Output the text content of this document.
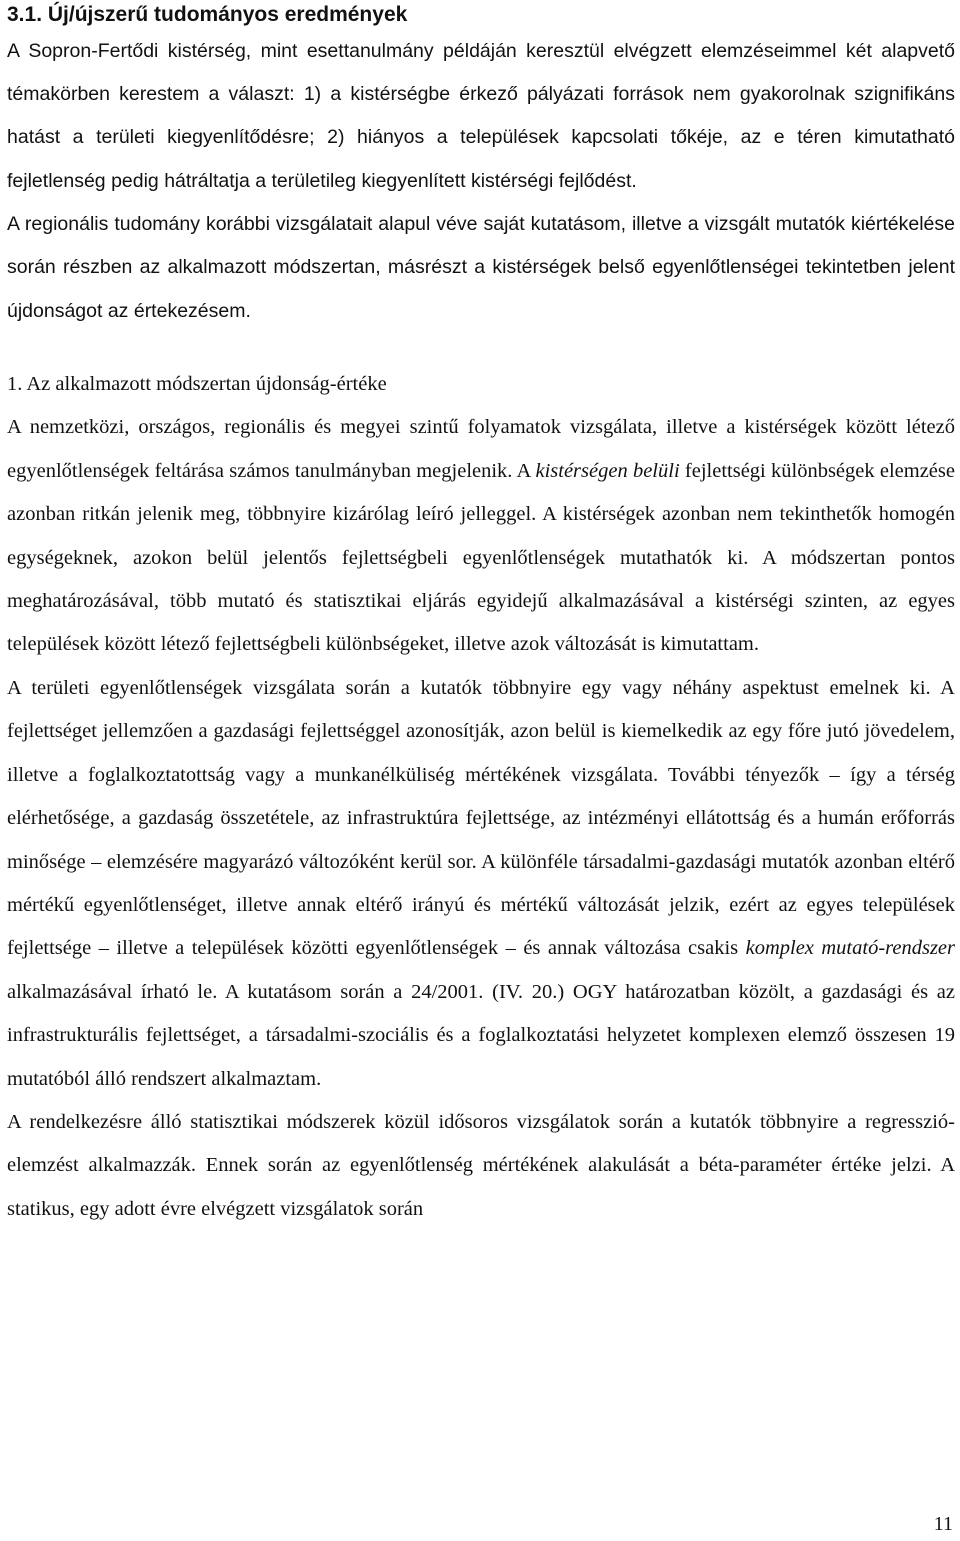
3.1. Új/újszerű tudományos eredmények

A Sopron-Fertődi kistérség, mint esettanulmány példáján keresztül elvégzett elemzéseimmel két alapvető témakörben kerestem a választ: 1) a kistérségbe érkező pályázati források nem gyakorolnak szignifikáns hatást a területi kiegyenlítődésre; 2) hiányos a települések kapcsolati tőkéje, az e téren kimutatható fejletlenség pedig hátráltatja a területileg kiegyenlített kistérségi fejlődést.

A regionális tudomány korábbi vizsgálatait alapul véve saját kutatásom, illetve a vizsgált mutatók kiértékelése során részben az alkalmazott módszertan, másrészt a kistérségek belső egyenlőtlenségei tekintetben jelent újdonságot az értekezésem.

1. Az alkalmazott módszertan újdonság-értéke

A nemzetközi, országos, regionális és megyei szintű folyamatok vizsgálata, illetve a kistérségek között létező egyenlőtlenségek feltárása számos tanulmányban megjelenik. A kistérségen belüli fejlettségi különbségek elemzése azonban ritkán jelenik meg, többnyire kizárólag leíró jelleggel. A kistérségek azonban nem tekinthetők homogén egységeknek, azokon belül jelentős fejlettségbeli egyenlőtlenségek mutathatók ki. A módszertan pontos meghatározásával, több mutató és statisztikai eljárás egyidejű alkalmazásával a kistérségi szinten, az egyes települések között létező fejlettségbeli különbségeket, illetve azok változását is kimutattam.

A területi egyenlőtlenségek vizsgálata során a kutatók többnyire egy vagy néhány aspektust emelnek ki. A fejlettséget jellemzően a gazdasági fejlettséggel azonosítják, azon belül is kiemelkedik az egy főre jutó jövedelem, illetve a foglalkoztatottság vagy a munkanélküliség mértékének vizsgálata. További tényezők – így a térség elérhetősége, a gazdaság összetétele, az infrastruktúra fejlettsége, az intézményi ellátottság és a humán erőforrás minősége – elemzésére magyarázó változóként kerül sor. A különféle társadalmi-gazdasági mutatók azonban eltérő mértékű egyenlőtlenséget, illetve annak eltérő irányú és mértékű változását jelzik, ezért az egyes települések fejlettsége – illetve a települések közötti egyenlőtlenségek – és annak változása csakis komplex mutató-rendszer alkalmazásával írható le. A kutatásom során a 24/2001. (IV. 20.) OGY határozatban közölt, a gazdasági és az infrastrukturális fejlettséget, a társadalmi-szociális és a foglalkoztatási helyzetet komplexen elemző összesen 19 mutatóból álló rendszert alkalmaztam.

A rendelkezésre álló statisztikai módszerek közül idősoros vizsgálatok során a kutatók többnyire a regresszió-elemzést alkalmazzák. Ennek során az egyenlőtlenség mértékének alakulását a béta-paraméter értéke jelzi. A statikus, egy adott évre elvégzett vizsgálatok során

11
